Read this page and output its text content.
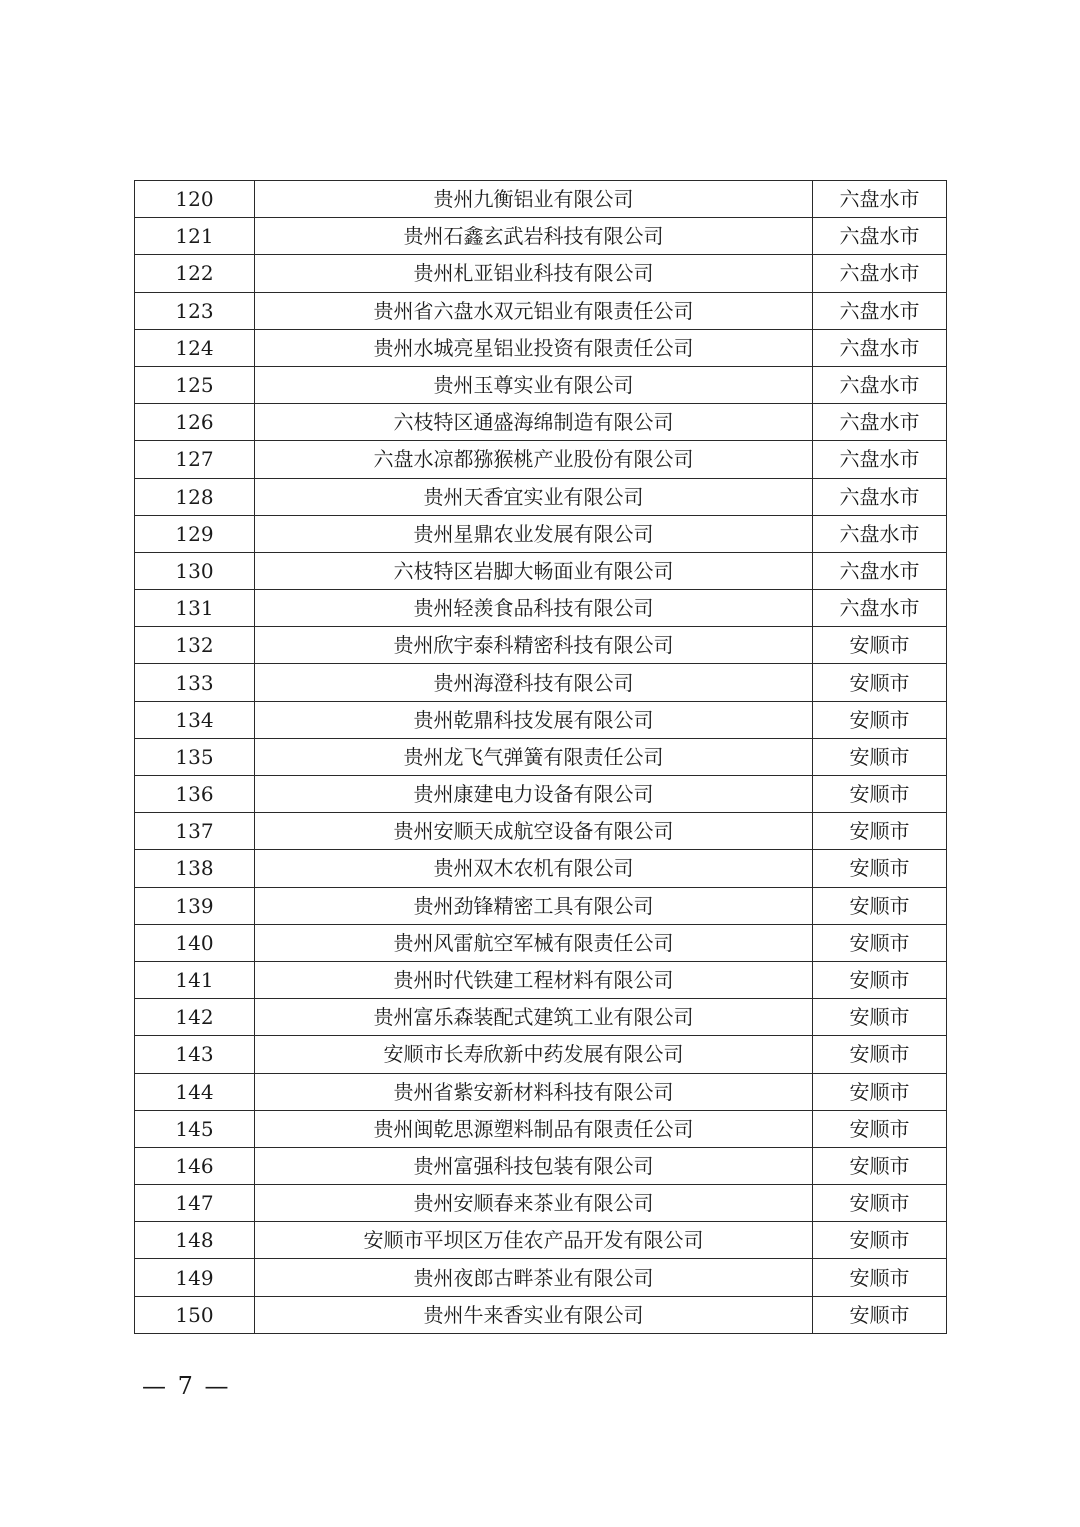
120	贵州九衡铝业有限公司	六盘水市
121	贵州石鑫玄武岩科技有限公司	六盘水市
122	贵州札亚铝业科技有限公司	六盘水市
123	贵州省六盘水双元铝业有限责任公司	六盘水市
124	贵州水城亮星铝业投资有限责任公司	六盘水市
125	贵州玉尊实业有限公司	六盘水市
126	六枝特区通盛海绵制造有限公司	六盘水市
127	六盘水凉都猕猴桃产业股份有限公司	六盘水市
128	贵州天香宜实业有限公司	六盘水市
129	贵州星鼎农业发展有限公司	六盘水市
130	六枝特区岩脚大畅面业有限公司	六盘水市
131	贵州轻羡食品科技有限公司	六盘水市
132	贵州欣宇泰科精密科技有限公司	安顺市
133	贵州海澄科技有限公司	安顺市
134	贵州乾鼎科技发展有限公司	安顺市
135	贵州龙飞气弹簧有限责任公司	安顺市
136	贵州康建电力设备有限公司	安顺市
137	贵州安顺天成航空设备有限公司	安顺市
138	贵州双木农机有限公司	安顺市
139	贵州劲锋精密工具有限公司	安顺市
140	贵州风雷航空军械有限责任公司	安顺市
141	贵州时代铁建工程材料有限公司	安顺市
142	贵州富乐森装配式建筑工业有限公司	安顺市
143	安顺市长寿欣新中药发展有限公司	安顺市
144	贵州省紫安新材料科技有限公司	安顺市
145	贵州闽乾思源塑料制品有限责任公司	安顺市
146	贵州富强科技包装有限公司	安顺市
147	贵州安顺春来茶业有限公司	安顺市
148	安顺市平坝区万佳农产品开发有限公司	安顺市
149	贵州夜郎古畔茶业有限公司	安顺市
150	贵州牛来香实业有限公司	安顺市
— 7 —
